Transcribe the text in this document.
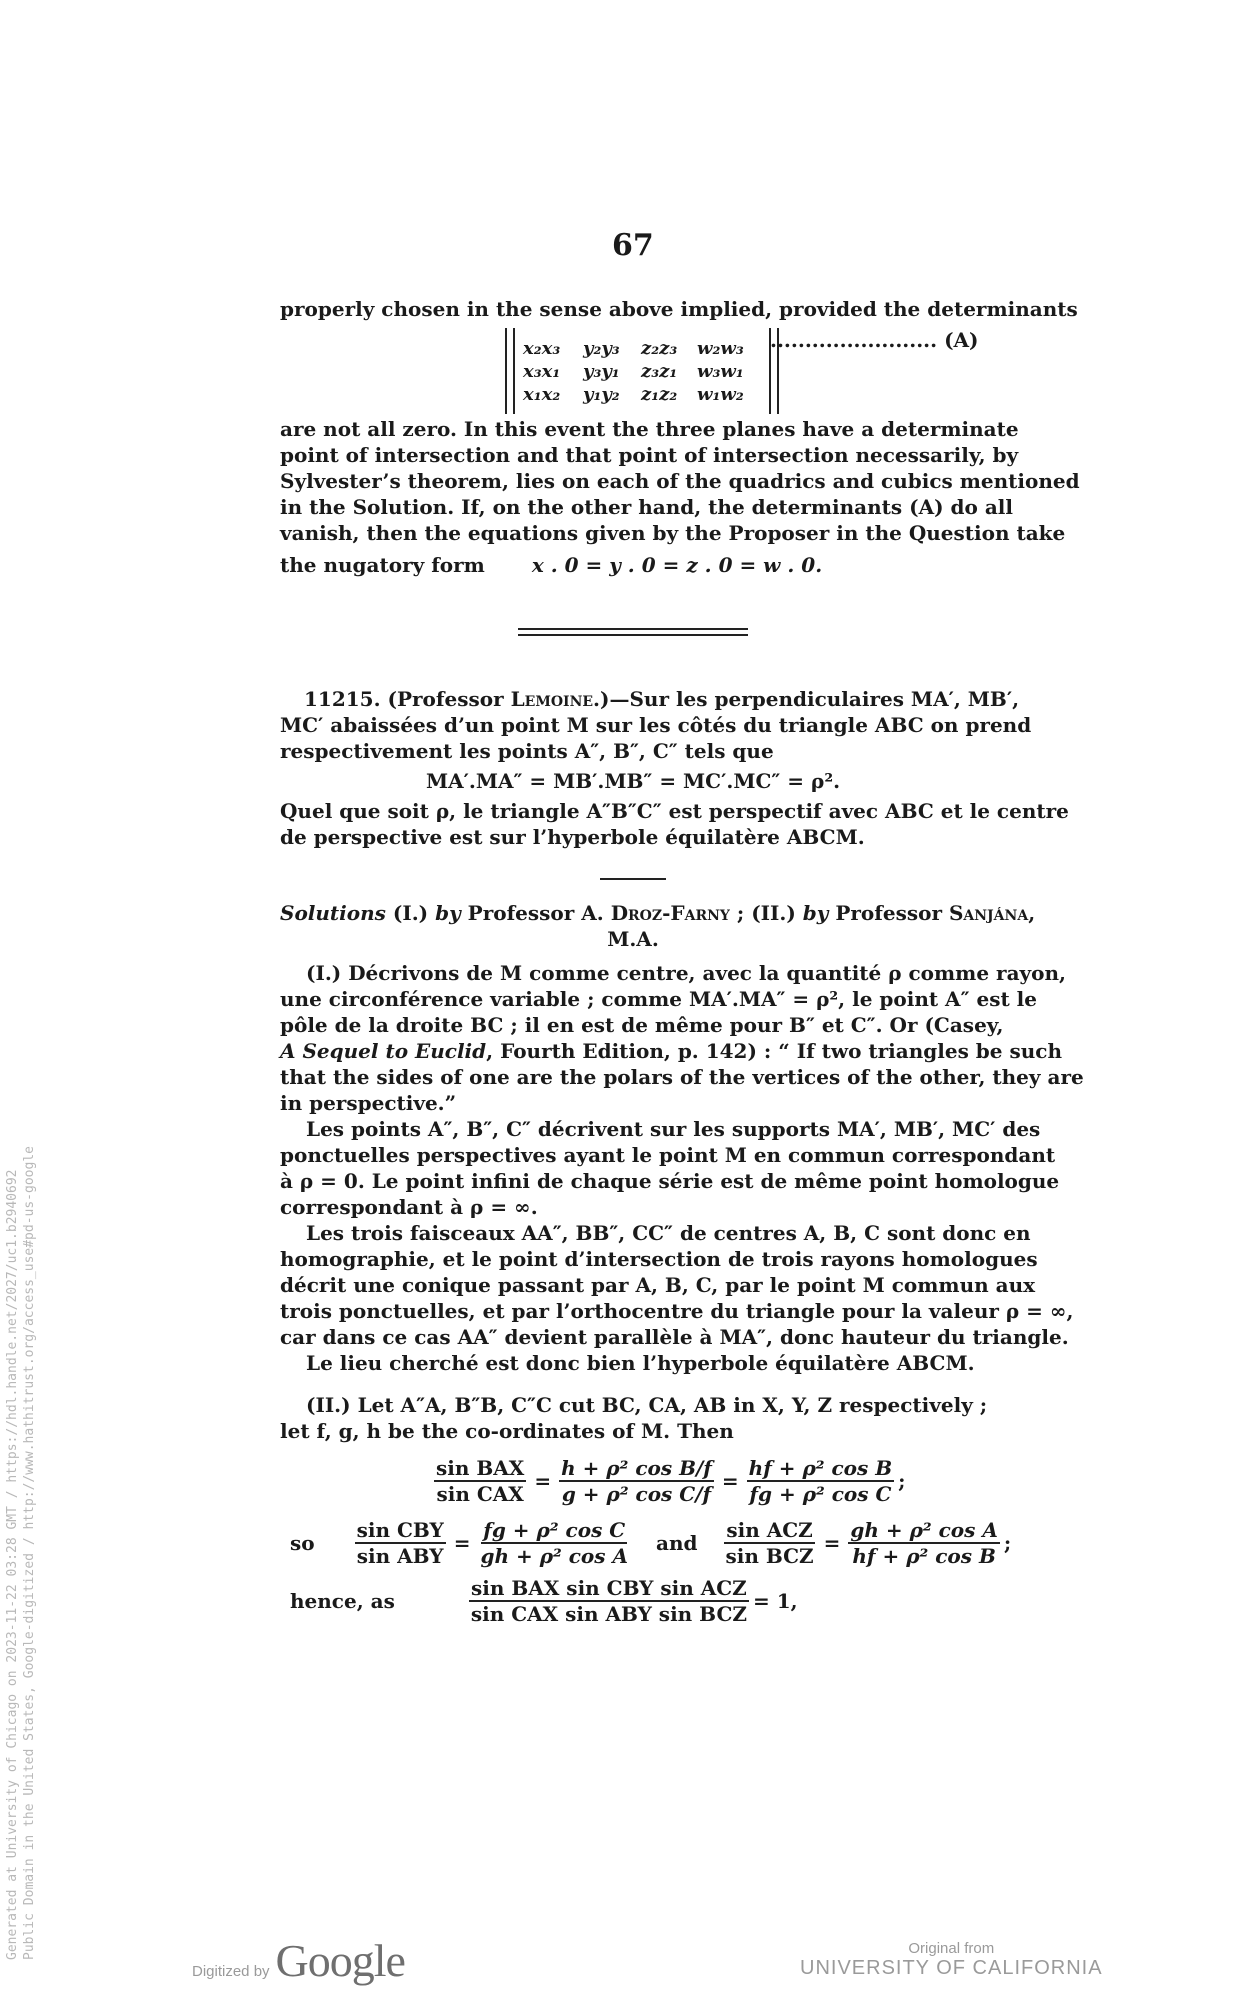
67
properly chosen in the sense above implied, provided the determinants
x₂x₃	y₂y₃	z₂z₃	w₂w₃
x₃x₁	y₃y₁	z₃z₁	w₃w₁
x₁x₂	y₁y₂	z₁z₂	w₁w₂
........................ (A)
are not all zero. In this event the three planes have a determinate
point of intersection and that point of intersection necessarily, by
Sylvester’s theorem, lies on each of the quadrics and cubics mentioned
in the Solution. If, on the other hand, the determinants (A) do all
vanish, then the equations given by the Proposer in the Question take
the nugatory form x . 0 = y . 0 = z . 0 = w . 0.
11215. (Professor Lemoine.)—Sur les perpendiculaires MA′, MB′,
MC′ abaissées d’un point M sur les côtés du triangle ABC on prend
respectivement les points A″, B″, C″ tels que
MA′.MA″ = MB′.MB″ = MC′.MC″ = ρ².
Quel que soit ρ, le triangle A″B″C″ est perspectif avec ABC et le centre
de perspective est sur l’hyperbole équilatère ABCM.
Solutions (I.) by Professor A. Droz-Farny ; (II.) by Professor Sanjána,
M.A.
(I.) Décrivons de M comme centre, avec la quantité ρ comme rayon,
une circonférence variable ; comme MA′.MA″ = ρ², le point A″ est le
pôle de la droite BC ; il en est de même pour B″ et C″. Or (Casey,
A Sequel to Euclid, Fourth Edition, p. 142) : “ If two triangles be such
that the sides of one are the polars of the vertices of the other, they are
in perspective.”
Les points A″, B″, C″ décrivent sur les supports MA′, MB′, MC′ des
ponctuelles perspectives ayant le point M en commun correspondant
à ρ = 0. Le point infini de chaque série est de même point homologue
correspondant à ρ = ∞.
Les trois faisceaux AA″, BB″, CC″ de centres A, B, C sont donc en
homographie, et le point d’intersection de trois rayons homologues
décrit une conique passant par A, B, C, par le point M commun aux
trois ponctuelles, et par l’orthocentre du triangle pour la valeur ρ = ∞,
car dans ce cas AA″ devient parallèle à MA″, donc hauteur du triangle.
Le lieu cherché est donc bien l’hyperbole équilatère ABCM.
(II.) Let A″A, B″B, C″C cut BC, CA, AB in X, Y, Z respectively ;
let f, g, h be the co-ordinates of M. Then
$\frac{\text{sin BAX}}{\text{sin CAX}} = \frac{\text{h + ρ² cos B/f}}{\text{g + ρ² cos C/f}} = \frac{\text{hf + ρ² cos B}}{\text{fg + ρ² cos C}}$ ;
so $\frac{\text{sin CBY}}{\text{sin ABY}} = \frac{\text{fg + ρ² cos C}}{\text{gh + ρ² cos A}}$ and $\frac{\text{sin ACZ}}{\text{sin BCZ}} = \frac{\text{gh + ρ² cos A}}{\text{hf + ρ² cos B}}$ ;
hence, as	$\frac{\text{sin BAX sin CBY sin ACZ}}{\text{sin CAX sin ABY sin BCZ}} = 1$,
Digitized by Google	Original from
UNIVERSITY OF CALIFORNIA
Generated at University of Chicago on 2023-11-22 03:28 GMT / https://hdl.handle.net/2027/uc1.b2940692 Public Domain in the United States, Google-digitized / http://www.hathitrust.org/access_use#pd-us-google
